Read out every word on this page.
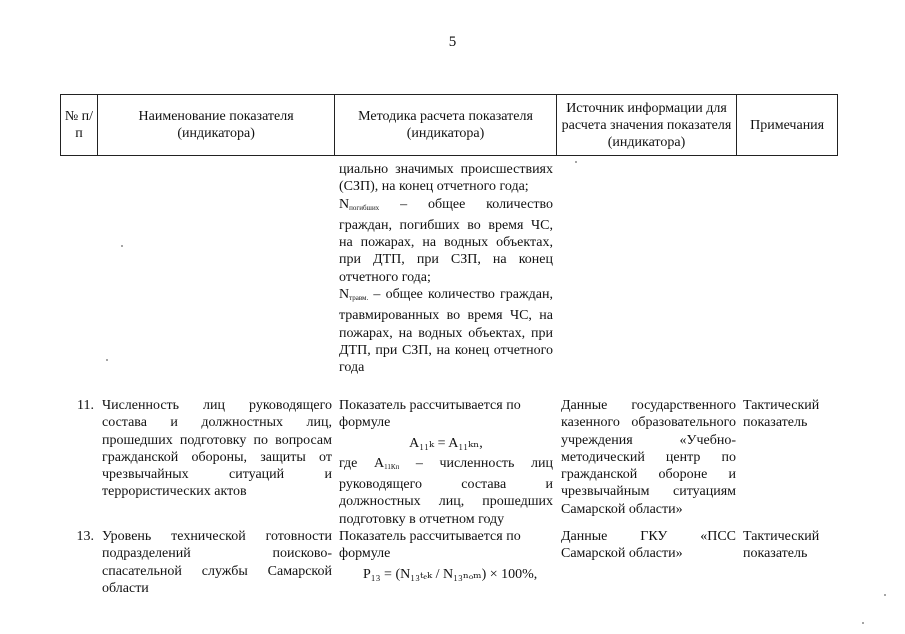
5
№ п/п
Наименование показателя (индикатора)
Методика расчета показателя (индикатора)
Источник информации для расчета значения показателя (индикатора)
Примечания
циально значимых происшествиях (СЗП), на конец отчетного года;
$N_{погибших}$ – общее количество граждан, погибших во время ЧС, на пожарах, на водных объектах, при ДТП, при СЗП, на конец отчетного года;
$N_{травм.}$ – общее количество граждан, травмированных во время ЧС, на пожарах, на водных объектах, при ДТП, при СЗП, на конец отчетного года
11. Численность лиц руководящего состава и должностных лиц, прошедших подготовку по вопросам гражданской обороны, защиты от чрезвычайных ситуаций и террористических актов
Показатель рассчитывается по формуле
A₁₁ₖ = A₁₁ₖₙ,
где $A_{11Кп}$ – численность лиц руководящего состава и должностных лиц, прошедших подготовку в отчетном году
Данные государственного казенного образовательного учреждения «Учебно-методический центр по гражданской обороне и чрезвычайным ситуациям Самарской области»
Тактический показатель
13. Уровень технической готовности подразделений поисково-спасательной службы Самарской области
Показатель рассчитывается по формуле
P₁₃ = (N₁₃ₜₑₖ / N₁₃ₙₒₘ) × 100%,
Данные ГКУ «ПСС Самарской области»
Тактический показатель
